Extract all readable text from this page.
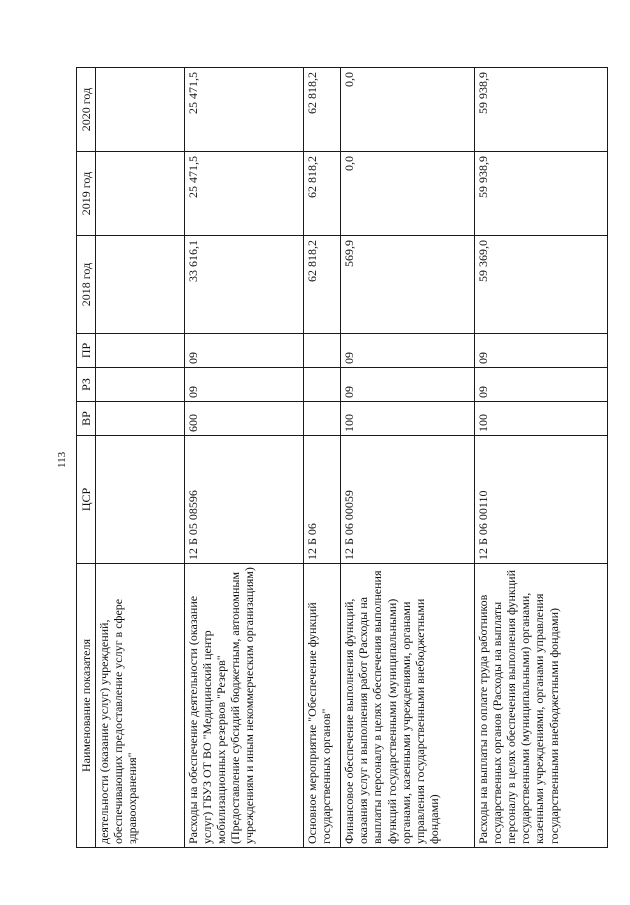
113
Наименование показателя	ЦСР	ВР	РЗ	ПР	2018 год	2019 год	2020 год
деятельности (оказание услуг) учреждений, обеспечивающих предоставление услуг в сфере здравоохранения"							
Расходы на обеспечение деятельности (оказание услуг) ГБУЗ ОТ ВО "Медицинский центр мобилизационных резервов "Резерв" (Предоставление субсидий бюджетным, автономным учреждениям и иным некоммерческим организациям)	12 Б 05 08596	600	09	09	33 616,1	25 471,5	25 471,5
Основное мероприятие "Обеспечение функций государственных органов"	12 Б 06				62 818,2	62 818,2	62 818,2
Финансовое обеспечение выполнения функций, оказания услуг и выполнения работ (Расходы на выплаты персоналу в целях обеспечения выполнения функций государственными (муниципальными) органами, казенными учреждениями, органами управления государственными внебюджетными фондами)	12 Б 06 00059	100	09	09	569,9	0,0	0,0
Расходы на выплаты по оплате труда работников государственных органов (Расходы на выплаты персоналу в целях обеспечения выполнения функций государственными (муниципальными) органами, казенными учреждениями, органами управления государственными внебюджетными фондами)	12 Б 06 00110	100	09	09	59 369,0	59 938,9	59 938,9
